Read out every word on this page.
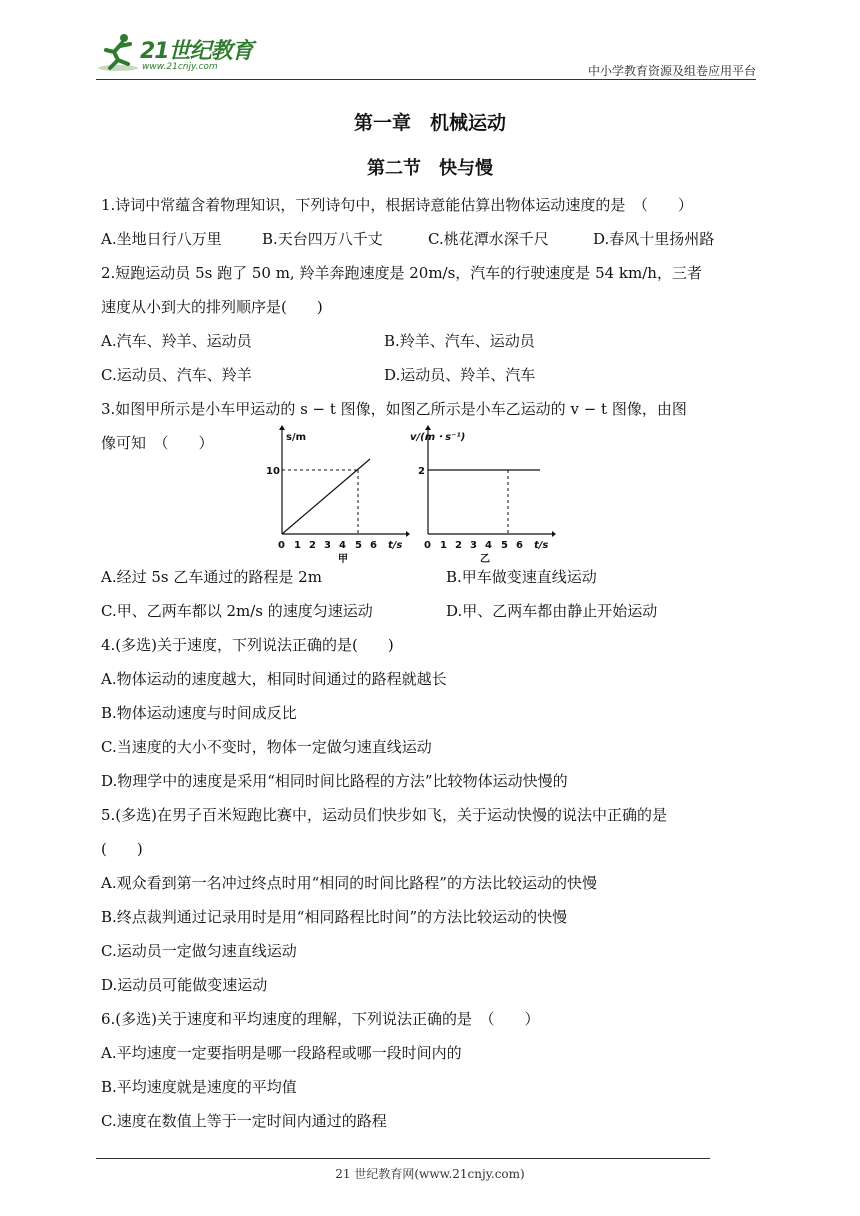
21世纪教育
www.21cnjy.com	中小学教育资源及组卷应用平台
第一章　机械运动
第二节　快与慢
1.诗词中常蕴含着物理知识，下列诗句中，根据诗意能估算出物体运动速度的是　（　　）
A.坐地日行八万里	B.天台四万八千丈	C.桃花潭水深千尺	D.春风十里扬州路
2.短跑运动员 5s 跑了 50 m, 羚羊奔跑速度是 20m/s，汽车的行驶速度是 54 km/h，三者
速度从小到大的排列顺序是(　　)
A.汽车、羚羊、运动员	B.羚羊、汽车、运动员
C.运动员、汽车、羚羊	D.运动员、羚羊、汽车
3.如图甲所示是小车甲运动的 s − t 图像，如图乙所示是小车乙运动的 v − t 图像，由图
像可知　（　　）	s/m
10
0 1 2 3 4 5 6 t/s
甲
v/(m・s⁻¹)
2
0 1 2 3 4 5 6 t/s
乙
A.经过 5s 乙车通过的路程是 2m	B.甲车做变速直线运动
C.甲、乙两车都以 2m/s 的速度匀速运动	D.甲、乙两车都由静止开始运动
4.(多选)关于速度，下列说法正确的是(　　)
A.物体运动的速度越大，相同时间通过的路程就越长
B.物体运动速度与时间成反比
C.当速度的大小不变时，物体一定做匀速直线运动
D.物理学中的速度是采用“相同时间比路程的方法”比较物体运动快慢的
5.(多选)在男子百米短跑比赛中，运动员们快步如飞，关于运动快慢的说法中正确的是
(　　)
A.观众看到第一名冲过终点时用“相同的时间比路程”的方法比较运动的快慢
B.终点裁判通过记录用时是用“相同路程比时间”的方法比较运动的快慢
C.运动员一定做匀速直线运动
D.运动员可能做变速运动
6.(多选)关于速度和平均速度的理解，下列说法正确的是　（　　）
A.平均速度一定要指明是哪一段路程或哪一段时间内的
B.平均速度就是速度的平均值
C.速度在数值上等于一定时间内通过的路程
21 世纪教育网(www.21cnjy.com)
